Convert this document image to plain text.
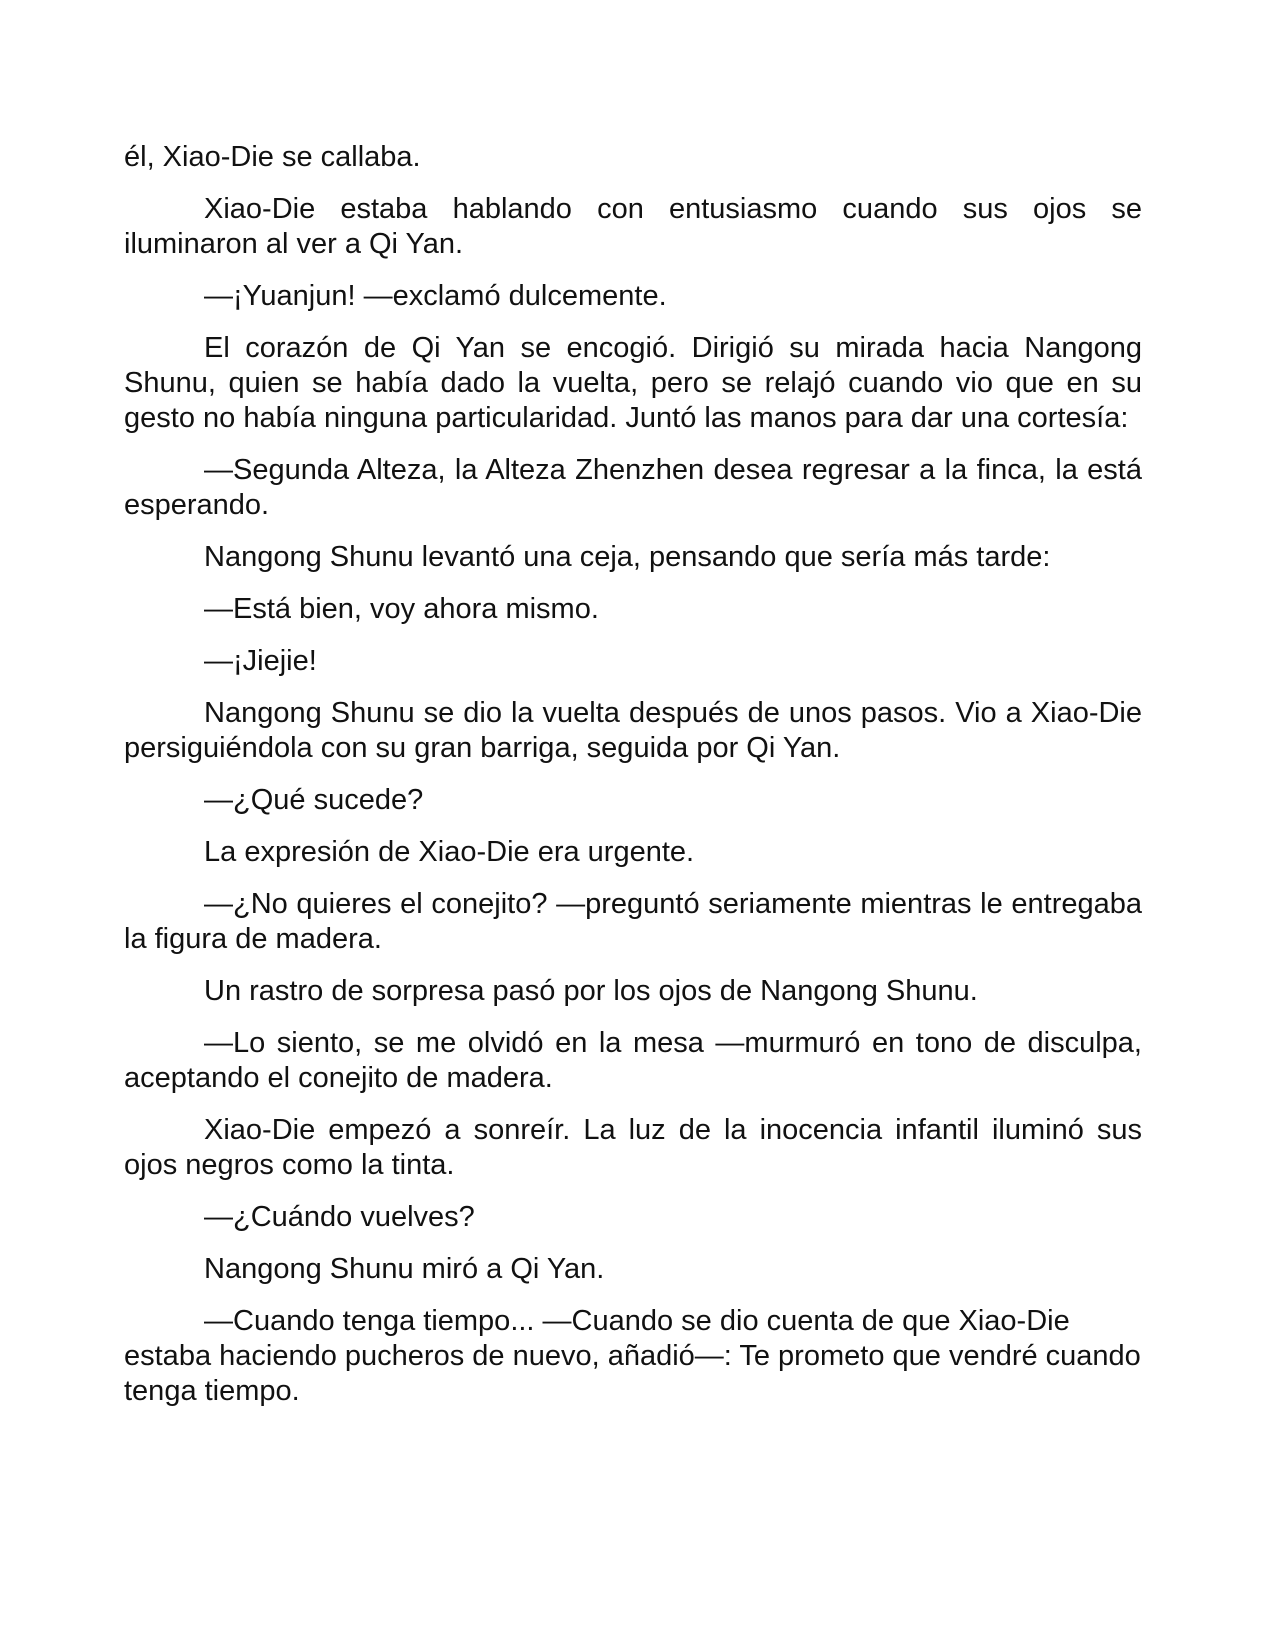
él, Xiao-Die se callaba.

Xiao-Die estaba hablando con entusiasmo cuando sus ojos se iluminaron al ver a Qi Yan.

—¡Yuanjun! —exclamó dulcemente.

El corazón de Qi Yan se encogió. Dirigió su mirada hacia Nangong Shunu, quien se había dado la vuelta, pero se relajó cuando vio que en su gesto no había ninguna particularidad. Juntó las manos para dar una cortesía:

—Segunda Alteza, la Alteza Zhenzhen desea regresar a la finca, la está esperando.

Nangong Shunu levantó una ceja, pensando que sería más tarde:

—Está bien, voy ahora mismo.

—¡Jiejie!

Nangong Shunu se dio la vuelta después de unos pasos. Vio a Xiao-Die persiguiéndola con su gran barriga, seguida por Qi Yan.

—¿Qué sucede?

La expresión de Xiao-Die era urgente.

—¿No quieres el conejito? —preguntó seriamente mientras le entregaba la figura de madera.

Un rastro de sorpresa pasó por los ojos de Nangong Shunu.

—Lo siento, se me olvidó en la mesa —murmuró en tono de disculpa, aceptando el conejito de madera.

Xiao-Die empezó a sonreír. La luz de la inocencia infantil iluminó sus ojos negros como la tinta.

—¿Cuándo vuelves?

Nangong Shunu miró a Qi Yan.

—Cuando tenga tiempo... —Cuando se dio cuenta de que Xiao-Die estaba haciendo pucheros de nuevo, añadió—: Te prometo que vendré cuando tenga tiempo.
